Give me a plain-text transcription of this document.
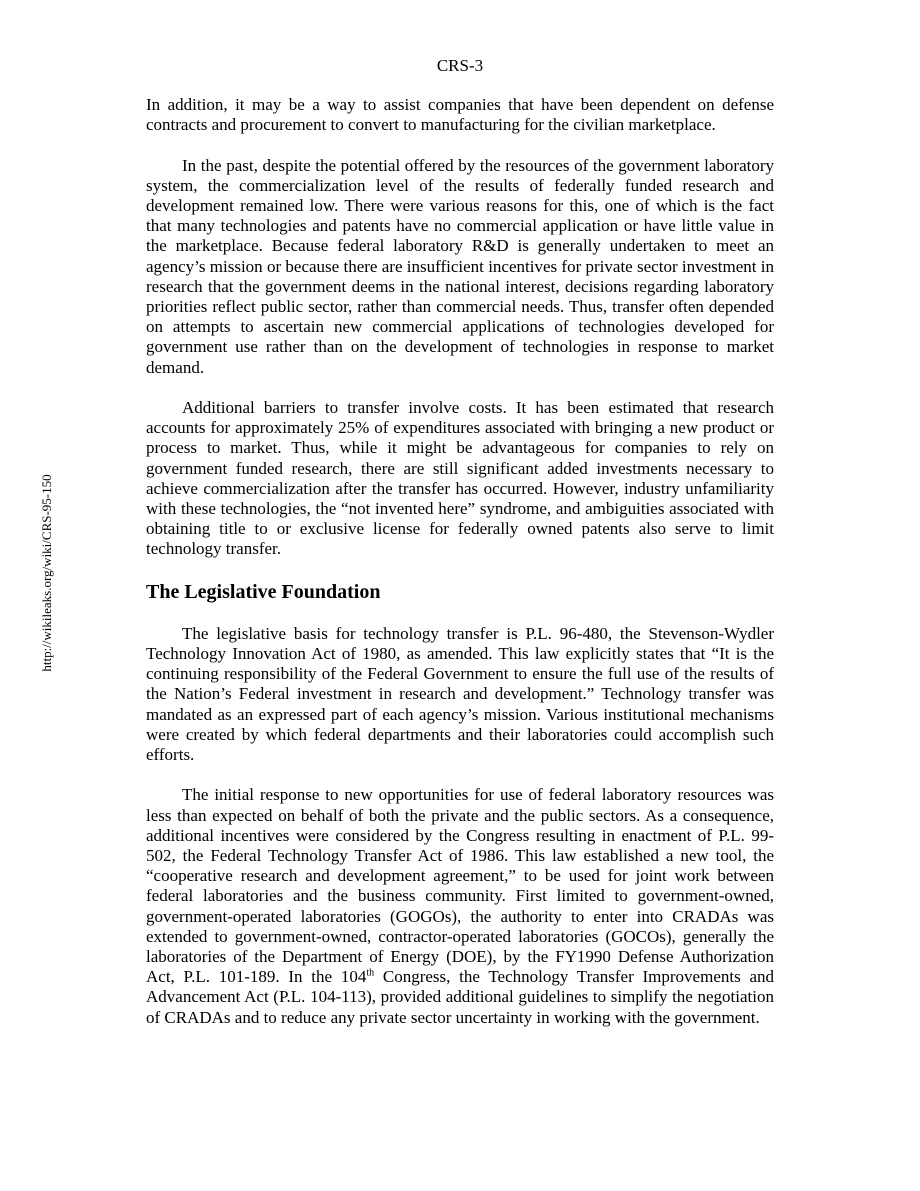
CRS-3
http://wikileaks.org/wiki/CRS-95-150

In addition, it may be a way to assist companies that have been dependent on defense contracts and procurement to convert to manufacturing for the civilian marketplace.

In the past, despite the potential offered by the resources of the government laboratory system, the commercialization level of the results of federally funded research and development remained low. There were various reasons for this, one of which is the fact that many technologies and patents have no commercial application or have little value in the marketplace. Because federal laboratory R&D is generally undertaken to meet an agency’s mission or because there are insufficient incentives for private sector investment in research that the government deems in the national interest, decisions regarding laboratory priorities reflect public sector, rather than commercial needs. Thus, transfer often depended on attempts to ascertain new commercial applications of technologies developed for government use rather than on the development of technologies in response to market demand.

Additional barriers to transfer involve costs. It has been estimated that research accounts for approximately 25% of expenditures associated with bringing a new product or process to market. Thus, while it might be advantageous for companies to rely on government funded research, there are still significant added investments necessary to achieve commercialization after the transfer has occurred. However, industry unfamiliarity with these technologies, the “not invented here” syndrome, and ambiguities associated with obtaining title to or exclusive license for federally owned patents also serve to limit technology transfer.

The Legislative Foundation

The legislative basis for technology transfer is P.L. 96-480, the Stevenson-Wydler Technology Innovation Act of 1980, as amended. This law explicitly states that “It is the continuing responsibility of the Federal Government to ensure the full use of the results of the Nation’s Federal investment in research and development.” Technology transfer was mandated as an expressed part of each agency’s mission. Various institutional mechanisms were created by which federal departments and their laboratories could accomplish such efforts.

The initial response to new opportunities for use of federal laboratory resources was less than expected on behalf of both the private and the public sectors. As a consequence, additional incentives were considered by the Congress resulting in enactment of P.L. 99-502, the Federal Technology Transfer Act of 1986. This law established a new tool, the “cooperative research and development agreement,” to be used for joint work between federal laboratories and the business community. First limited to government-owned, government-operated laboratories (GOGOs), the authority to enter into CRADAs was extended to government-owned, contractor-operated laboratories (GOCOs), generally the laboratories of the Department of Energy (DOE), by the FY1990 Defense Authorization Act, P.L. 101-189. In the 104th Congress, the Technology Transfer Improvements and Advancement Act (P.L. 104-113), provided additional guidelines to simplify the negotiation of CRADAs and to reduce any private sector uncertainty in working with the government.
